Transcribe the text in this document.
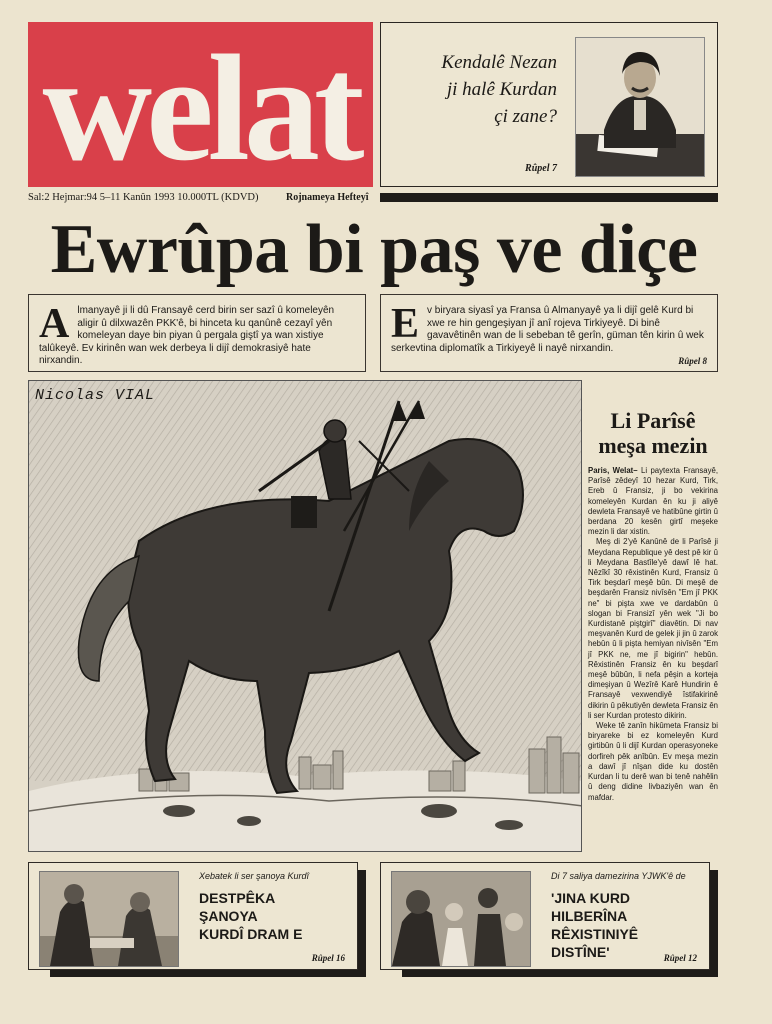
welat	Kendalê Nezan
ji halê Kurdan
çi zane?
Rûpel 7
Sal:2 Hejmar:94 5–11 Kanûn 1993 10.000TL (KDVD)	Rojnameya Hefteyî
Ewrûpa bi paş ve diçe
A lmanyayê ji li dû Fransayê cerd birin ser sazî û komeleyên aligir û dilxwazên PKK'ê, bi hinceta ku qanûnê cezayî yên komeleyan daye bin piyan û pergala giştî ya wan xistiye talûkeyê. Ev kirinên wan wek derbeya li dijî demokrasiyê hate nirxandin.
E v biryara siyasî ya Fransa û Almanyayê ya li dijî gelê Kurd bi xwe re hin gengeşiyan jî anî rojeva Tirkiyeyê. Di binê gavavêtinên wan de li sebeban tê gerîn, güman tên kirin û wek serkevtina diplomatîk a Tirkiyeyê li nayê nirxandin.
Rûpel 8
Nicolas VIAL
Li Parîsê
meşa mezin

Paris, Welat– Li paytexta Fransayê, Parîsê zêdeyî 10 hezar Kurd, Tirk, Ereb û Fransiz, ji bo vekirina komeleyên Kurdan ên ku ji aliyê dewleta Fransayê ve hatibûne girtin û berdana 20 kesên girtî meşeke mezin li dar xistin.

Meş di 2'yê Kanûnê de li Parîsê ji Meydana Republique yê dest pê kir û li Meydana Bastîle'yê dawî lê hat. Nêzîkî 30 rêxistinên Kurd, Fransiz û Tirk beşdarî meşê bûn. Di meşê de beşdarên Fransiz nivîsên "Em jî PKK ne" bi pişta xwe ve dardabûn û slogan bi Fransizî yên wek "Ji bo Kurdistanê piştgirî" diavêtin. Di nav meşvanên Kurd de gelek ji jin û zarok hebûn û li pişta hemiyan nivîsên "Em jî PKK ne, me jî bigirin" hebûn. Rêxistinên Fransiz ên ku beşdarî meşê bûbûn, li nefa pêşin a korteja dimeşiyan û Wezîrê Karê Hundirin ê Fransayê vexwendiyê îstifakirinê dikirin û pêkutiyên dewleta Fransiz ên li ser Kurdan protesto dikirin.

Weke tê zanîn hikûmeta Fransiz bi biryareke bi ez komeleyên Kurd girtibûn û li dijî Kurdan operasyoneke dorfireh pêk anîbûn. Ev meşa mezin a dawî jî nîşan dide ku dostên Kurdan li tu derê wan bi tenê nahêlin û deng didine livbaziyên wan ên mafdar.

Xebatek li ser şanoya Kurdî
DESTPÊKA
ŞANOYA
KURDÎ DRAM E
Rûpel 16
Di 7 saliya damezirina YJWK'ê de
'JINA KURD
HILBERÎNA
RÊXISTINIYÊ
DISTÎNE'	Rûpel 12
